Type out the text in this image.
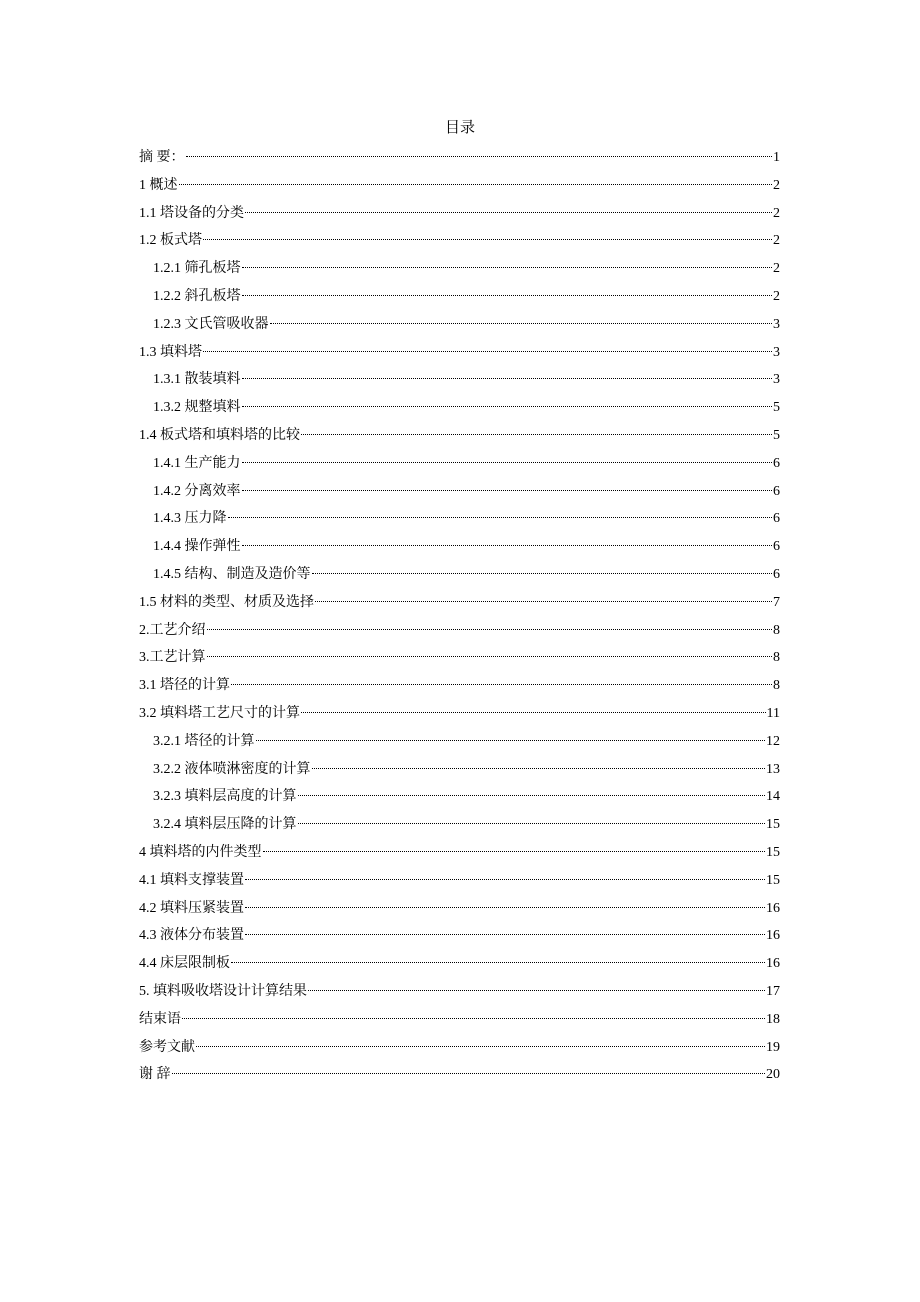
目录
摘 要：	1
1 概述	2
1.1 塔设备的分类	2
1.2 板式塔	2
1.2.1 筛孔板塔	2
1.2.2 斜孔板塔	2
1.2.3 文氏管吸收器	3
1.3 填料塔	3
1.3.1 散装填料	3
1.3.2 规整填料	5
1.4 板式塔和填料塔的比较	5
1.4.1 生产能力	6
1.4.2 分离效率	6
1.4.3 压力降	6
1.4.4 操作弹性	6
1.4.5 结构、制造及造价等	6
1.5 材料的类型、材质及选择	7
2.工艺介绍	8
3.工艺计算	8
3.1 塔径的计算	8
3.2 填料塔工艺尺寸的计算	11
3.2.1 塔径的计算	12
3.2.2 液体喷淋密度的计算	13
3.2.3 填料层高度的计算	14
3.2.4 填料层压降的计算	15
4 填料塔的内件类型	15
4.1 填料支撑装置	15
4.2 填料压紧装置	16
4.3 液体分布装置	16
4.4 床层限制板	16
5. 填料吸收塔设计计算结果	17
结束语	18
参考文献	19
谢 辞	20
